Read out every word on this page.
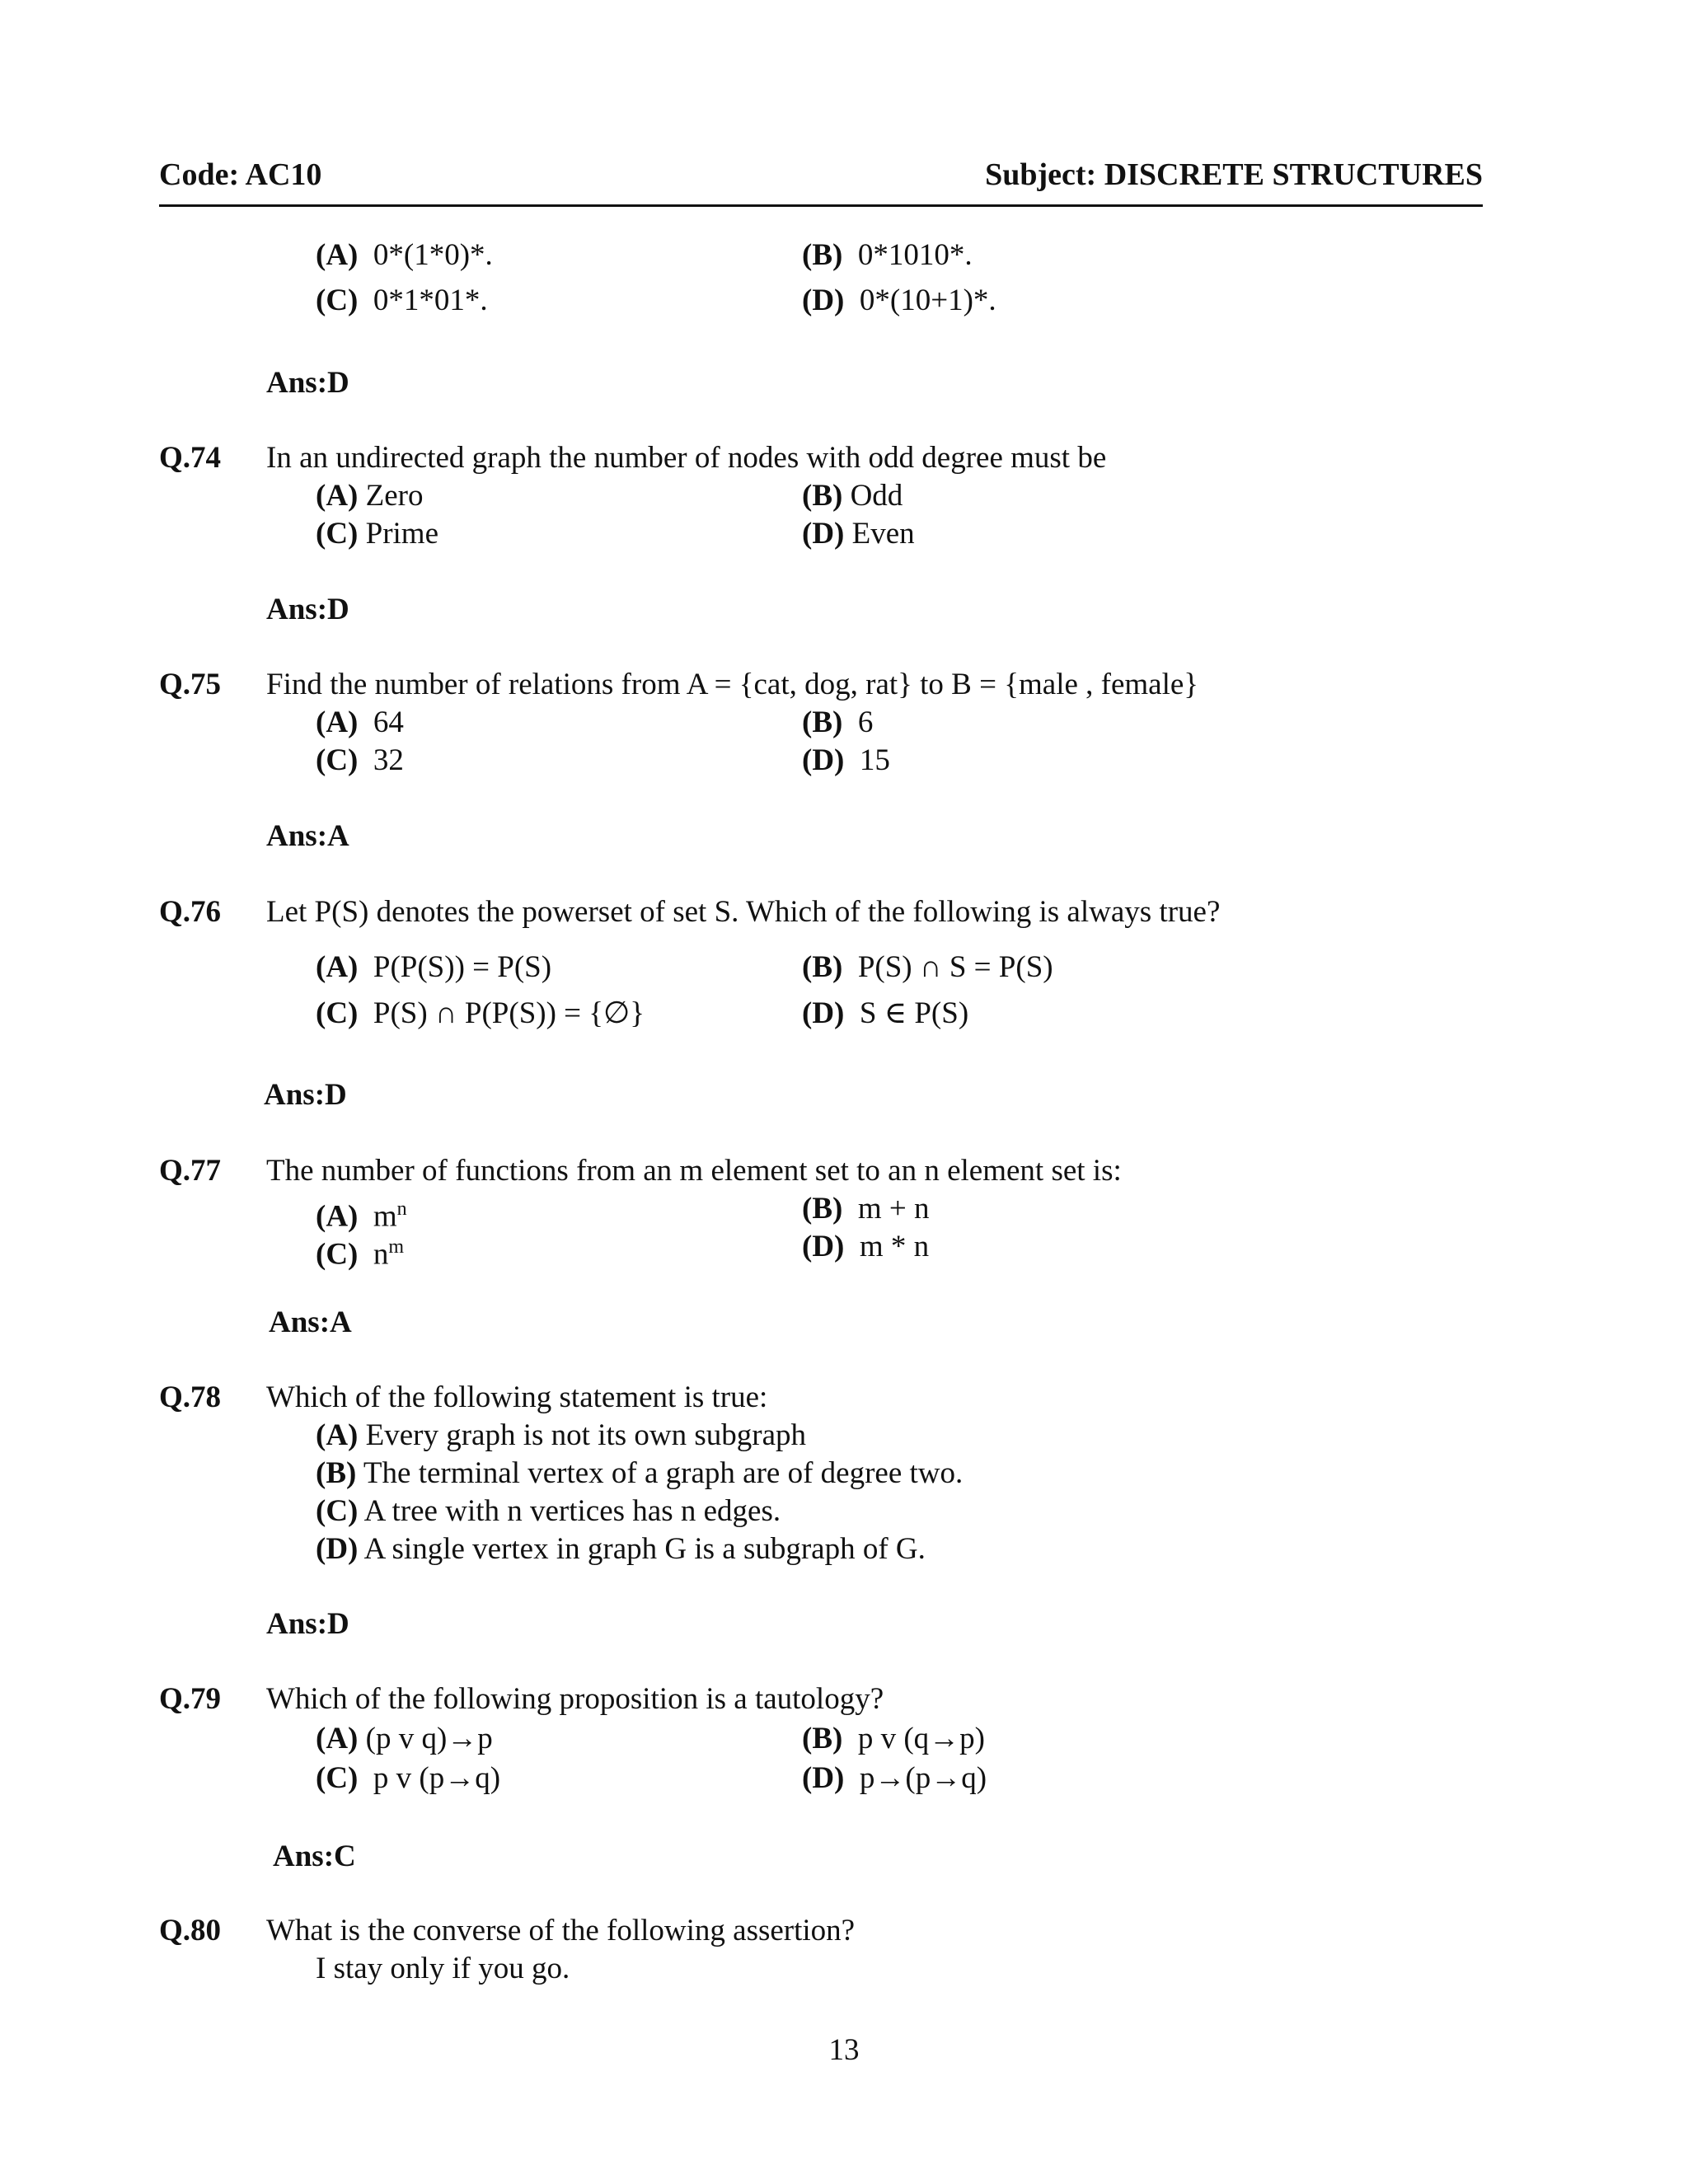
Code: AC10	Subject: DISCRETE STRUCTURES
(A) 0*(1*0)*.	(B) 0*1010*.
(C) 0*1*01*.	(D) 0*(10+1)*.
Ans:D
Q.74 In an undirected graph the number of nodes with odd degree must be
(A) Zero	(B) Odd
(C) Prime	(D) Even
Ans:D
Q.75 Find the number of relations from A = {cat, dog, rat} to B = {male , female}
(A) 64	(B) 6
(C) 32	(D) 15
Ans:A
Q.76 Let P(S) denotes the powerset of set S. Which of the following is always true?
(A) P(P(S)) = P(S)	(B) P(S) ∩ S = P(S)
(C) P(S) ∩ P(P(S)) = {∅}	(D) S ∈ P(S)
Ans:D
Q.77 The number of functions from an m element set to an n element set is:
(A) $m^n$	(B) m + n
(C) $n^m$	(D) m * n
Ans:A
Q.78 Which of the following statement is true:
(A) Every graph is not its own subgraph
(B) The terminal vertex of a graph are of degree two.
(C) A tree with n vertices has n edges.
(D) A single vertex in graph G is a subgraph of G.
Ans:D
Q.79 Which of the following proposition is a tautology?
(A) (p v q)→p	(B) p v (q→p)
(C) p v (p→q)	(D) p→(p→q)
Ans:C
Q.80 What is the converse of the following assertion?
I stay only if you go.
13
